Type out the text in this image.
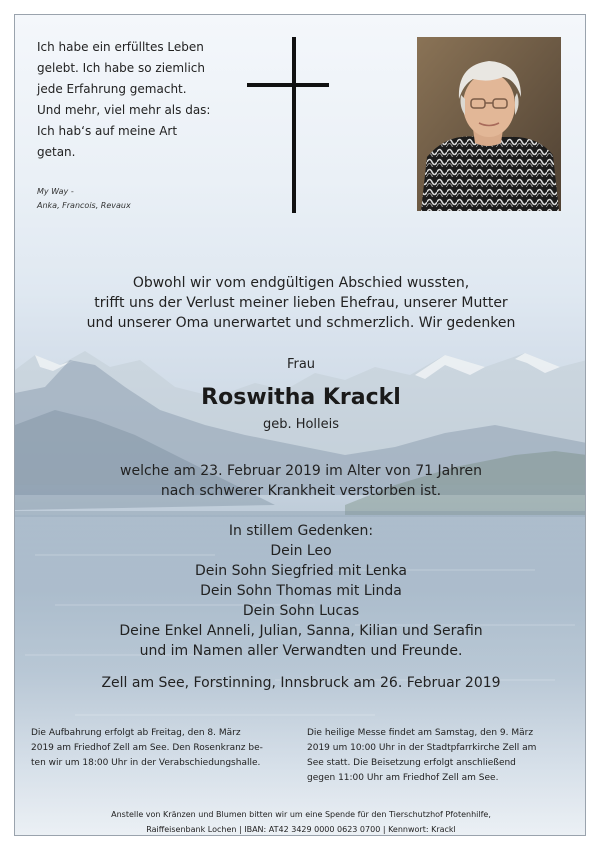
Ich habe ein erfülltes Leben
gelebt. Ich habe so ziemlich
jede Erfahrung gemacht.
Und mehr, viel mehr als das:
Ich hab‘s auf meine Art
getan.
My Way -
Anka, Francois, Revaux
Obwohl wir vom endgültigen Abschied wussten,
trifft uns der Verlust meiner lieben Ehefrau, unserer Mutter
und unserer Oma unerwartet und schmerzlich. Wir gedenken
Frau
Roswitha Krackl
geb. Holleis
welche am 23. Februar 2019 im Alter von 71 Jahren
nach schwerer Krankheit verstorben ist.
In stillem Gedenken:
Dein Leo
Dein Sohn Siegfried mit Lenka
Dein Sohn Thomas mit Linda
Dein Sohn Lucas
Deine Enkel Anneli, Julian, Sanna, Kilian und Serafin
und im Namen aller Verwandten und Freunde.
Zell am See, Forstinning, Innsbruck am 26. Februar 2019
Die Aufbahrung erfolgt ab Freitag, den 8. März
2019 am Friedhof Zell am See. Den Rosenkranz be-
ten wir um 18:00 Uhr in der Verabschiedungshalle.
Die heilige Messe findet am Samstag, den 9. März
2019 um 10:00 Uhr in der Stadtpfarrkirche Zell am
See statt. Die Beisetzung erfolgt anschließend
gegen 11:00 Uhr am Friedhof Zell am See.
Anstelle von Kränzen und Blumen bitten wir um eine Spende für den Tierschutzhof Pfotenhilfe,
Raiffeisenbank Lochen | IBAN: AT42 3429 0000 0623 0700 | Kennwort: Krackl
